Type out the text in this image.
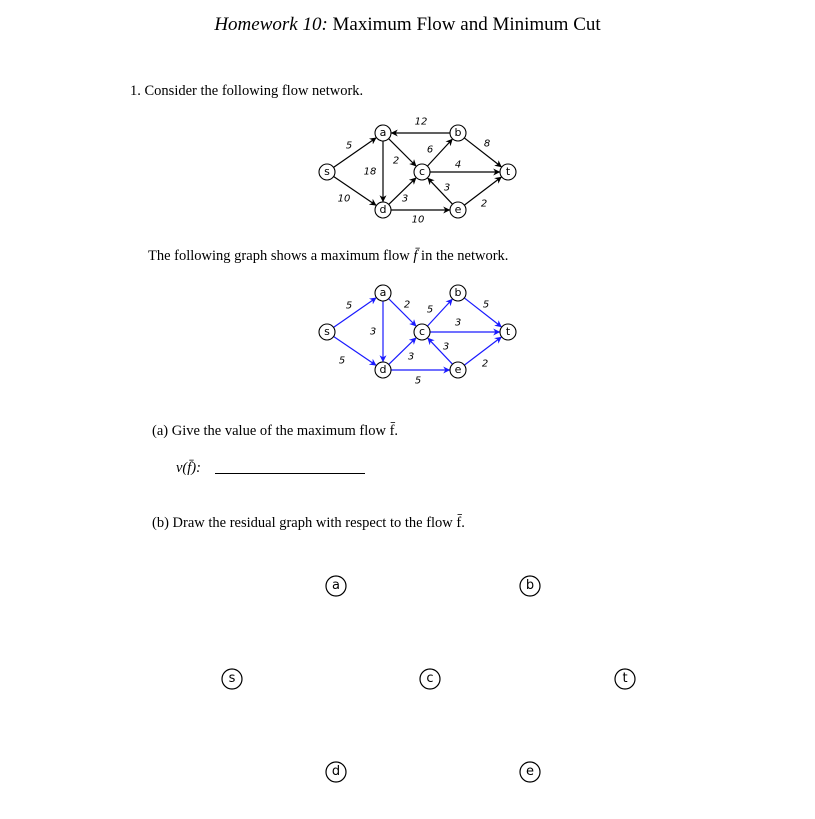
Homework 10: Maximum Flow and Minimum Cut
1. Consider the following flow network.
5
10
18
2
12
6
8
4
3
3
10
2
s
a	b
c
d	e
t
The following graph shows a maximum flow f̄ in the network.
5
5
3
2 5	5
3
3
3
5
2
s
a	b
c
d	e
t
(a) Give the value of the maximum flow f̄.
v(f̄):
(b) Draw the residual graph with respect to the flow f̄.
s
a	b
c
d	e
t
